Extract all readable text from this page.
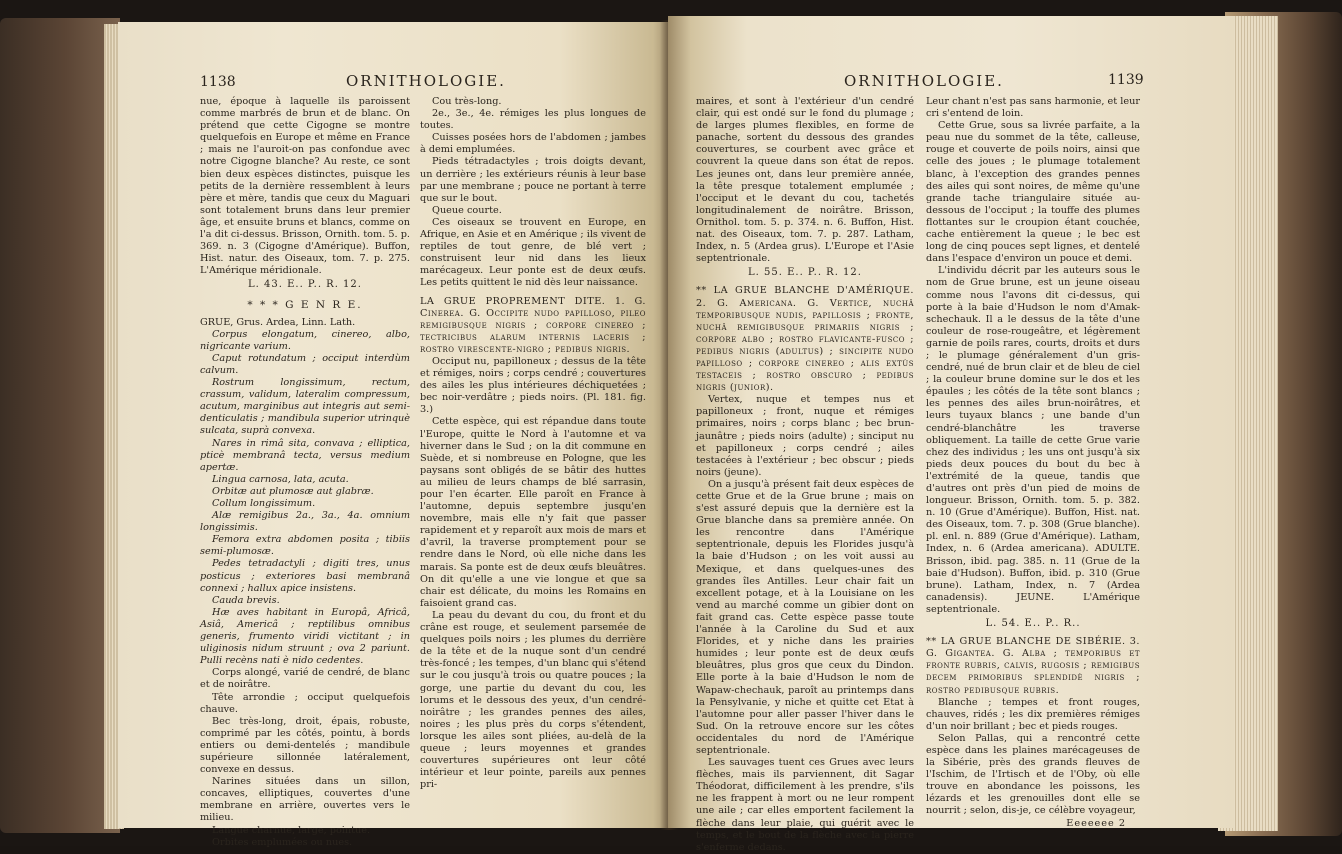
1138	ORNITHOLOGIE.

nue, époque à laquelle ils paroissent comme marbrés de brun et de blanc. On prétend que cette Cigogne se montre quelquefois en Europe et même en France ; mais ne l'auroit-on pas confondue avec notre Cigogne blanche? Au reste, ce sont bien deux espèces distinctes, puisque les petits de la dernière ressemblent à leurs père et mère, tandis que ceux du Maguari sont totalement bruns dans leur premier âge, et ensuite bruns et blancs, comme on l'a dit ci-dessus. Brisson, Ornith. tom. 5. p. 369. n. 3 (Cigogne d'Amérique). Buffon, Hist. natur. des Oiseaux, tom. 7. p. 275. L'Amérique méridionale.

L. 43. E.. P.. R. 12.

* * * G E N R E.

GRUE, Grus. Ardea, Linn. Lath.

Corpus elongatum, cinereo, albo, nigricante varium.

Caput rotundatum ; occiput interdùm calvum.

Rostrum longissimum, rectum, crassum, validum, lateralim compressum, acutum, marginibus aut integris aut semi-denticulatis ; mandibula superior utrinquè sulcata, suprà convexa.

Nares in rimâ sita, convava ; elliptica, pticè membranâ tecta, versus medium apertæ.

Lingua carnosa, lata, acuta.

Orbitæ aut plumosæ aut glabræ.

Collum longissimum.

Alæ remigibus 2a., 3a., 4a. omnium longissimis.

Femora extra abdomen posita ; tibiis semi-plumosæ.

Pedes tetradactyli ; digiti tres, unus posticus ; exteriores basi membranâ connexi ; hallux apice insistens.

Cauda brevis.

Hæ aves habitant in Europâ, Africâ, Asiâ, Americâ ; reptilibus omnibus generis, frumento viridi victitant ; in uliginosis nidum struunt ; ova 2 pariunt. Pulli recèns nati è nido cedentes.

Corps alongé, varié de cendré, de blanc et de noirâtre.

Tête arrondie ; occiput quelquefois chauve.

Bec très-long, droit, épais, robuste, comprimé par les côtés, pointu, à bords entiers ou demi-dentelés ; mandibule supérieure sillonnée latéralement, convexe en dessus.

Narines situées dans un sillon, concaves, elliptiques, couvertes d'une membrane en arrière, ouvertes vers le milieu.

Langue charnue, large, pointue.

Orbites emplumées ou nues.

Cou très-long.

2e., 3e., 4e. rémiges les plus longues de toutes.

Cuisses posées hors de l'abdomen ; jambes à demi emplumées.

Pieds tétradactyles ; trois doigts devant, un derrière ; les extérieurs réunis à leur base par une membrane ; pouce ne portant à terre que sur le bout.

Queue courte.

Ces oiseaux se trouvent en Europe, en Afrique, en Asie et en Amérique ; ils vivent de reptiles de tout genre, de blé vert ; construisent leur nid dans les lieux marécageux. Leur ponte est de deux œufs. Les petits quittent le nid dès leur naissance.

LA GRUE PROPREMENT DITE. 1. G. Cinerea. G. Occipite nudo papilloso, pileo remigibusque nigris ; corpore cinereo ; tectricibus alarum internis laceris ; rostro virescente-nigro ; pedibus nigris.

Occiput nu, papilloneux ; dessus de la tête et rémiges, noirs ; corps cendré ; couvertures des ailes les plus intérieures déchiquetées ; bec noir-verdâtre ; pieds noirs. (Pl. 181. fig. 3.)

Cette espèce, qui est répandue dans toute l'Europe, quitte le Nord à l'automne et va hiverner dans le Sud ; on la dit commune en Suède, et si nombreuse en Pologne, que les paysans sont obligés de se bâtir des huttes au milieu de leurs champs de blé sarrasin, pour l'en écarter. Elle paroît en France à l'automne, depuis septembre jusqu'en novembre, mais elle n'y fait que passer rapidement et y reparoît aux mois de mars et d'avril, la traverse promptement pour se rendre dans le Nord, où elle niche dans les marais. Sa ponte est de deux œufs bleuâtres. On dit qu'elle a une vie longue et que sa chair est délicate, du moins les Romains en faisoient grand cas.

La peau du devant du cou, du front et du crâne est rouge, et seulement parsemée de quelques poils noirs ; les plumes du derrière de la tête et de la nuque sont d'un cendré très-foncé ; les tempes, d'un blanc qui s'étend sur le cou jusqu'à trois ou quatre pouces ; la gorge, une partie du devant du cou, les lorums et le dessous des yeux, d'un cendré-noirâtre ; les grandes pennes des ailes, noires ; les plus près du corps s'étendent, lorsque les ailes sont pliées, au-delà de la queue ; leurs moyennes et grandes couvertures supérieures ont leur côté intérieur et leur pointe, pareils aux pennes pri-

ORNITHOLOGIE.	1139

maires, et sont à l'extérieur d'un cendré clair, qui est ondé sur le fond du plumage ; de larges plumes flexibles, en forme de panache, sortent du dessous des grandes couvertures, se courbent avec grâce et couvrent la queue dans son état de repos. Les jeunes ont, dans leur première année, la tête presque totalement emplumée ; l'occiput et le devant du cou, tachetés longitudinalement de noirâtre. Brisson, Ornithol. tom. 5. p. 374. n. 6. Buffon, Hist. nat. des Oiseaux, tom. 7. p. 287. Latham, Index, n. 5 (Ardea grus). L'Europe et l'Asie septentrionale.

L. 55. E.. P.. R. 12.

** LA GRUE BLANCHE D'AMÉRIQUE. 2. G. Americana. G. Vertice, nuchâ temporibusque nudis, papillosis ; fronte, nuchâ remigibusque primariis nigris ; corpore albo ; rostro flavicante-fusco ; pedibus nigris (adultus) ; sincipite nudo papilloso ; corpore cinereo ; alis extùs testaceis ; rostro obscuro ; pedibus nigris (junior).

Vertex, nuque et tempes nus et papilloneux ; front, nuque et rémiges primaires, noirs ; corps blanc ; bec brun-jaunâtre ; pieds noirs (adulte) ; sinciput nu et papilloneux ; corps cendré ; ailes testacées à l'extérieur ; bec obscur ; pieds noirs (jeune).

On a jusqu'à présent fait deux espèces de cette Grue et de la Grue brune ; mais on s'est assuré depuis que la dernière est la Grue blanche dans sa première année. On les rencontre dans l'Amérique septentrionale, depuis les Florides jusqu'à la baie d'Hudson ; on les voit aussi au Mexique, et dans quelques-unes des grandes îles Antilles. Leur chair fait un excellent potage, et à la Louisiane on les vend au marché comme un gibier dont on fait grand cas. Cette espèce passe toute l'année à la Caroline du Sud et aux Florides, et y niche dans les prairies humides ; leur ponte est de deux œufs bleuâtres, plus gros que ceux du Dindon. Elle porte à la baie d'Hudson le nom de Wapaw-chechauk, paroît au printemps dans la Pensylvanie, y niche et quitte cet Etat à l'automne pour aller passer l'hiver dans le Sud. On la retrouve encore sur les côtes occidentales du nord de l'Amérique septentrionale.

Les sauvages tuent ces Grues avec leurs flèches, mais ils parviennent, dit Sagar Théodorat, difficilement à les prendre, s'ils ne les frappent à mort ou ne leur rompent une aile ; car elles emportent facilement la flèche dans leur plaie, qui guérit avec le temps, et le bout de la flèche avec la pierre s'enferme dedans.

Leur chant n'est pas sans harmonie, et leur cri s'entend de loin.

Cette Grue, sous sa livrée parfaite, a la peau nue du sommet de la tête, calleuse, rouge et couverte de poils noirs, ainsi que celle des joues ; le plumage totalement blanc, à l'exception des grandes pennes des ailes qui sont noires, de même qu'une grande tache triangulaire située au-dessous de l'occiput ; la touffe des plumes flottantes sur le croupion étant couchée, cache entièrement la queue ; le bec est long de cinq pouces sept lignes, et dentelé dans l'espace d'environ un pouce et demi.

L'individu décrit par les auteurs sous le nom de Grue brune, est un jeune oiseau comme nous l'avons dit ci-dessus, qui porte à la baie d'Hudson le nom d'Amak-schechauk. Il a le dessus de la tête d'une couleur de rose-rougeâtre, et légèrement garnie de poils rares, courts, droits et durs ; le plumage généralement d'un gris-cendré, nué de brun clair et de bleu de ciel ; la couleur brune domine sur le dos et les épaules ; les côtés de la tête sont blancs ; les pennes des ailes brun-noirâtres, et leurs tuyaux blancs ; une bande d'un cendré-blanchâtre les traverse obliquement. La taille de cette Grue varie chez des individus ; les uns ont jusqu'à six pieds deux pouces du bout du bec à l'extrémité de la queue, tandis que d'autres ont près d'un pied de moins de longueur. Brisson, Ornith. tom. 5. p. 382. n. 10 (Grue d'Amérique). Buffon, Hist. nat. des Oiseaux, tom. 7. p. 308 (Grue blanche). pl. enl. n. 889 (Grue d'Amérique). Latham, Index, n. 6 (Ardea americana). ADULTE. Brisson, ibid. pag. 385. n. 11 (Grue de la baie d'Hudson). Buffon, ibid. p. 310 (Grue brune). Latham, Index, n. 7 (Ardea canadensis). JEUNE. L'Amérique septentrionale.

L. 54. E.. P.. R..

** LA GRUE BLANCHE DE SIBÉRIE. 3. G. Gigantea. G. Alba ; temporibus et fronte rubris, calvis, rugosis ; remigibus decem primoribus splendidè nigris ; rostro pedibusque rubris.

Blanche ; tempes et front rouges, chauves, ridés ; les dix premières rémiges d'un noir brillant ; bec et pieds rouges.

Selon Pallas, qui a rencontré cette espèce dans les plaines marécageuses de la Sibérie, près des grands fleuves de l'Ischim, de l'Irtisch et de l'Oby, où elle trouve en abondance les poissons, les lézards et les grenouilles dont elle se nourrit ; selon, dis-je, ce célèbre voyageur,

Eeeeeee 2
